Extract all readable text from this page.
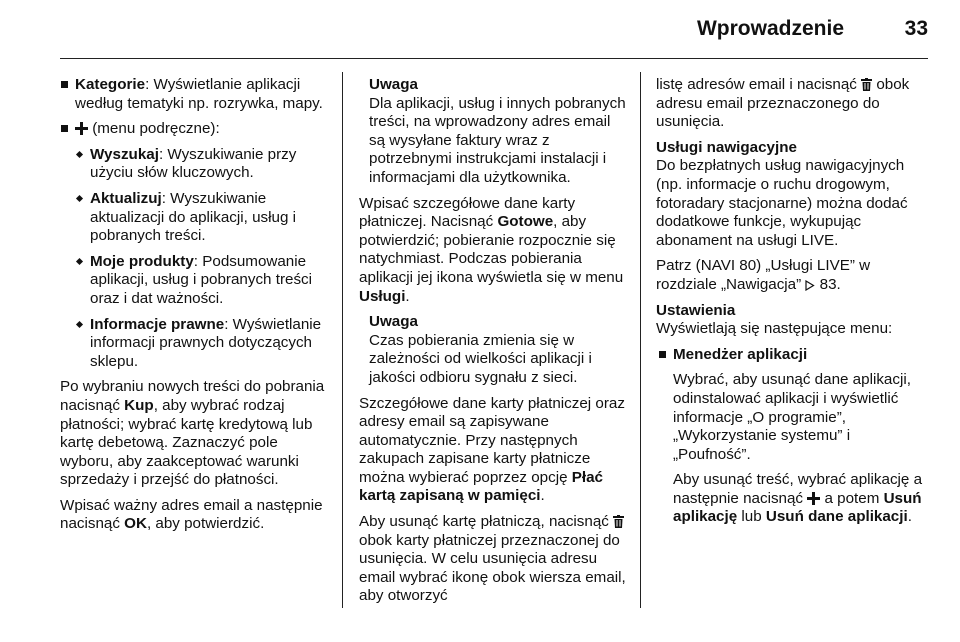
Wprowadzenie	33
Kategorie: Wyświetlanie aplikacji według tematyki np. rozrywka, mapy.
(menu podręczne):
Wyszukaj: Wyszukiwanie przy użyciu słów kluczowych.
Aktualizuj: Wyszukiwanie aktualizacji do aplikacji, usług i pobranych treści.
Moje produkty: Podsumowanie aplikacji, usług i pobranych treści oraz i dat ważności.
Informacje prawne: Wyświetlanie informacji prawnych dotyczących sklepu.

Po wybraniu nowych treści do pobrania nacisnąć Kup, aby wybrać rodzaj płatności; wybrać kartę kredytową lub kartę debetową. Zaznaczyć pole wyboru, aby zaakceptować warunki sprzedaży i przejść do płatności.

Wpisać ważny adres email a następnie nacisnąć OK, aby potwierdzić.

Uwaga

Dla aplikacji, usług i innych pobranych treści, na wprowadzony adres email są wysyłane faktury wraz z potrzebnymi instrukcjami instalacji i informacjami dla użytkownika.

Wpisać szczegółowe dane karty płatniczej. Nacisnąć Gotowe, aby potwierdzić; pobieranie rozpocznie się natychmiast. Podczas pobierania aplikacji jej ikona wyświetla się w menu Usługi.

Uwaga

Czas pobierania zmienia się w zależności od wielkości aplikacji i jakości odbioru sygnału z sieci.

Szczegółowe dane karty płatniczej oraz adresy email są zapisywane automatycznie. Przy następnych zakupach zapisane karty płatnicze można wybierać poprzez opcję Płać kartą zapisaną w pamięci.

Aby usunąć kartę płatniczą, nacisnąć  obok karty płatniczej przeznaczonej do usunięcia. W celu usunięcia adresu email wybrać ikonę obok wiersza email, aby otworzyć

listę adresów email i nacisnąć  obok adresu email przeznaczonego do usunięcia.

Usługi nawigacyjne

Do bezpłatnych usług nawigacyjnych (np. informacje o ruchu drogowym, fotoradary stacjonarne) można dodać dodatkowe funkcje, wykupując abonament na usługi LIVE.

Patrz (NAVI 80) „Usługi LIVE” w rozdziale „Nawigacja”  83.

Ustawienia

Wyświetlają się następujące menu:

Menedżer aplikacji

Wybrać, aby usunąć dane aplikacji, odinstalować aplikacji i wyświetlić informacje „O programie”, „Wykorzystanie systemu” i „Poufność”.

Aby usunąć treść, wybrać aplikację a następnie nacisnąć  a potem Usuń aplikację lub Usuń dane aplikacji.
